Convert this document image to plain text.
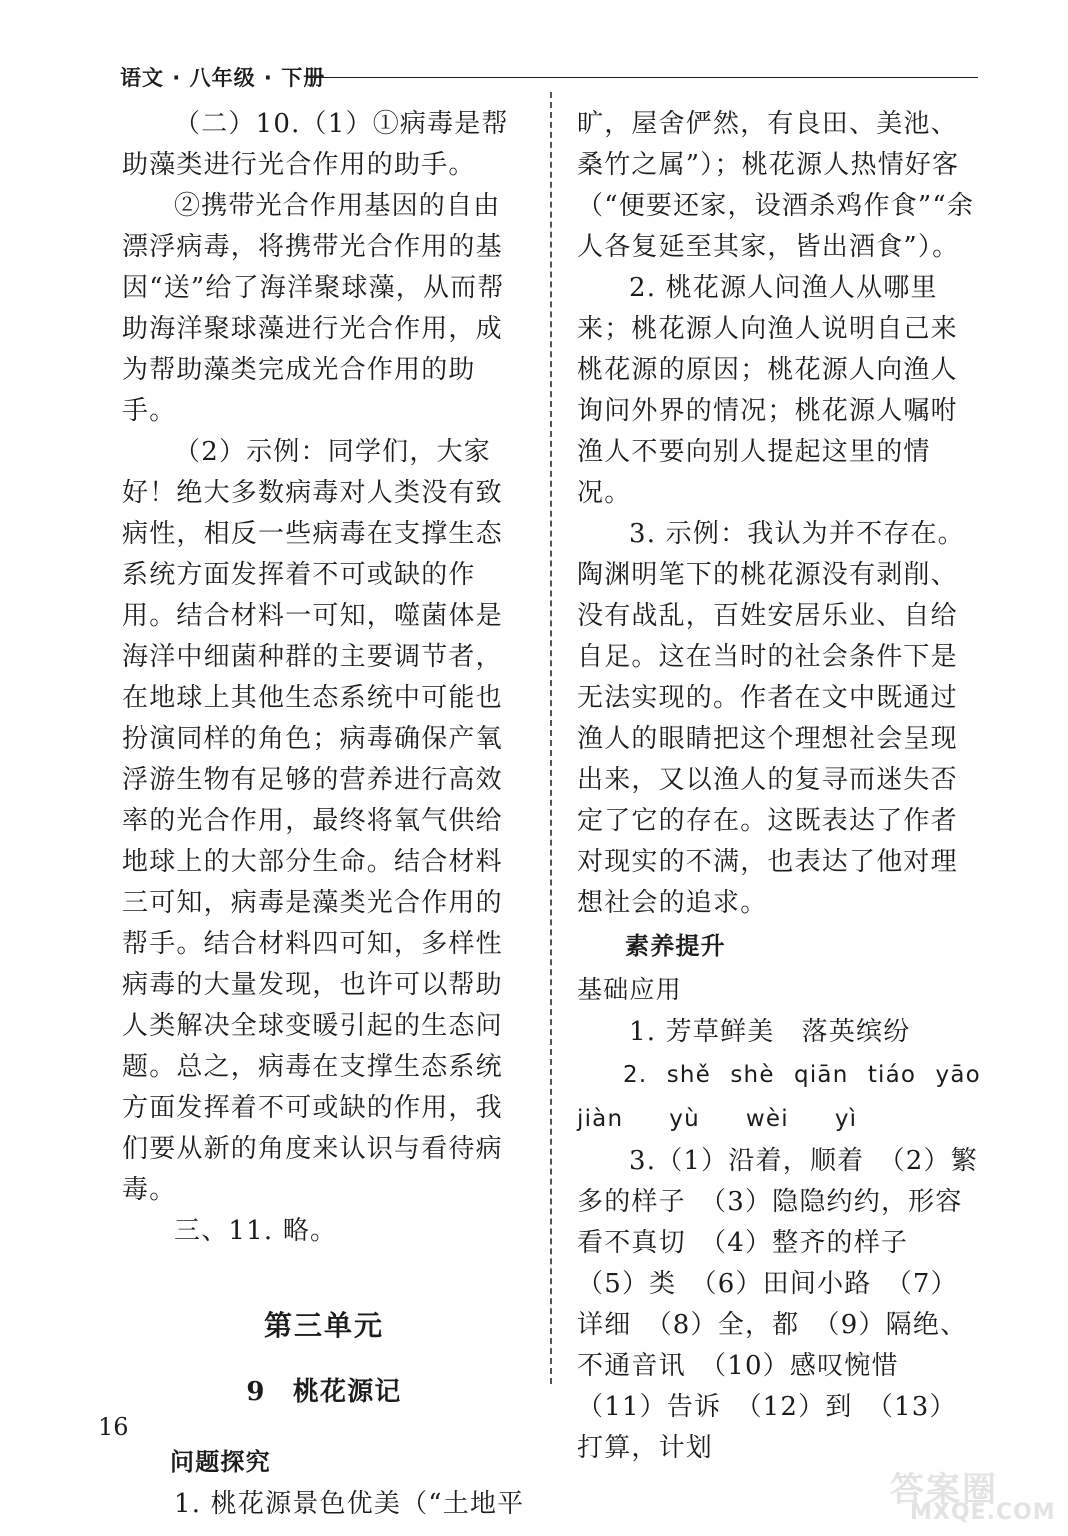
语文 · 八年级 · 下册

（二）10.（1）①病毒是帮助藻类进行光合作用的助手。

②携带光合作用基因的自由漂浮病毒，将携带光合作用的基因“送”给了海洋聚球藻，从而帮助海洋聚球藻进行光合作用，成为帮助藻类完成光合作用的助手。

（2）示例：同学们，大家好！绝大多数病毒对人类没有致病性，相反一些病毒在支撑生态系统方面发挥着不可或缺的作用。结合材料一可知，噬菌体是海洋中细菌种群的主要调节者，在地球上其他生态系统中可能也扮演同样的角色；病毒确保产氧浮游生物有足够的营养进行高效率的光合作用，最终将氧气供给地球上的大部分生命。结合材料三可知，病毒是藻类光合作用的帮手。结合材料四可知，多样性病毒的大量发现，也许可以帮助人类解决全球变暖引起的生态问题。总之，病毒在支撑生态系统方面发挥着不可或缺的作用，我们要从新的角度来认识与看待病毒。

三、11. 略。

第三单元
9　桃花源记

问题探究

1. 桃花源景色优美（“土地平

旷，屋舍俨然，有良田、美池、桑竹之属”）；桃花源人热情好客（“便要还家，设酒杀鸡作食”“余人各复延至其家，皆出酒食”）。

2. 桃花源人问渔人从哪里来；桃花源人向渔人说明自己来桃花源的原因；桃花源人向渔人询问外界的情况；桃花源人嘱咐渔人不要向别人提起这里的情况。

3. 示例：我认为并不存在。陶渊明笔下的桃花源没有剥削、没有战乱，百姓安居乐业、自给自足。这在当时的社会条件下是无法实现的。作者在文中既通过渔人的眼睛把这个理想社会呈现出来，又以渔人的复寻而迷失否定了它的存在。这既表达了作者对现实的不满，也表达了他对理想社会的追求。

素养提升

基础应用

1. 芳草鲜美　落英缤纷

2. shě shè qiān tiáo yāo
jiàn yù wèi yì

3.（1）沿着，顺着　（2）繁多的样子　（3）隐隐约约，形容看不真切　（4）整齐的样子　（5）类　（6）田间小路　（7）详细　（8）全，都　（9）隔绝、不通音讯　（10）感叹惋惜　（11）告诉　（12）到　（13）打算，计划

16
答案圈
MXQE.COM
